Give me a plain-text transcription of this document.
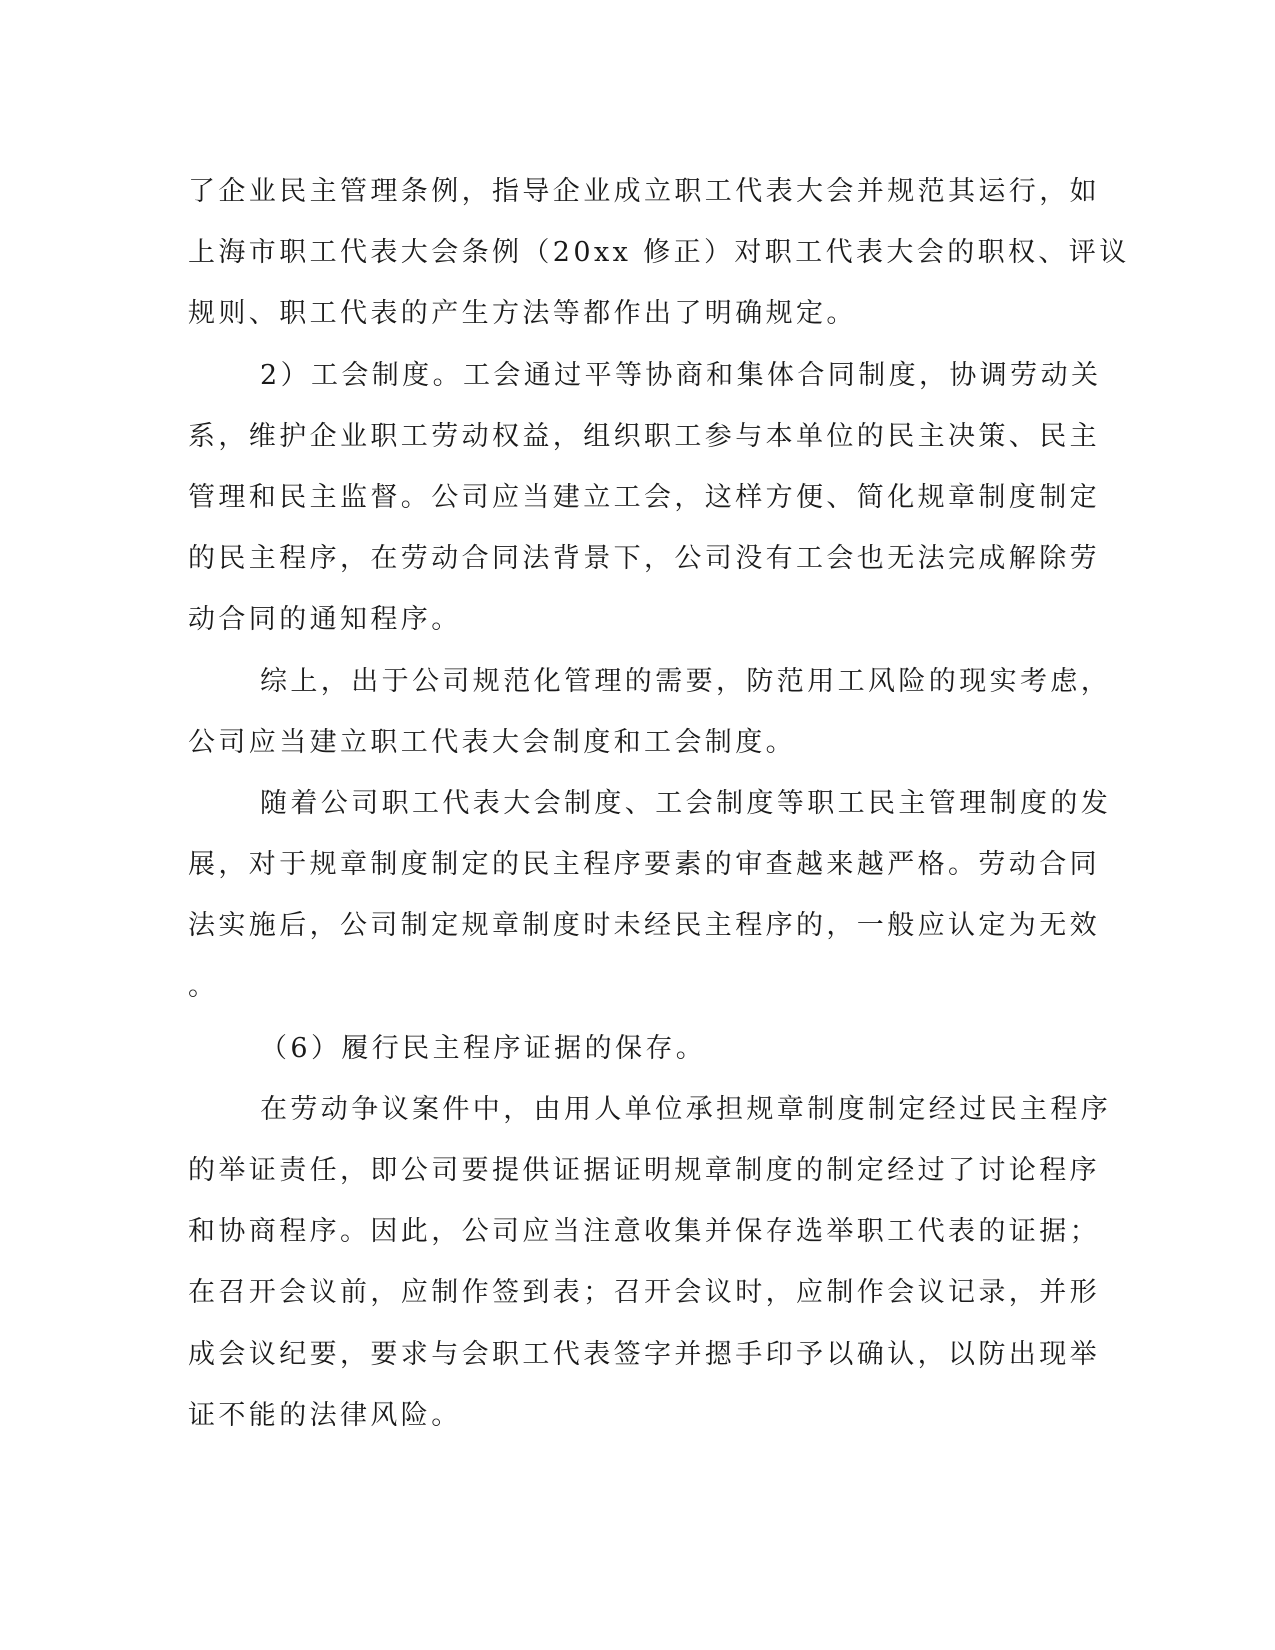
了企业民主管理条例，指导企业成立职工代表大会并规范其运行，如
上海市职工代表大会条例（20xx 修正）对职工代表大会的职权、评议
规则、职工代表的产生方法等都作出了明确规定。
2）工会制度。工会通过平等协商和集体合同制度，协调劳动关
系，维护企业职工劳动权益，组织职工参与本单位的民主决策、民主
管理和民主监督。公司应当建立工会，这样方便、简化规章制度制定
的民主程序，在劳动合同法背景下，公司没有工会也无法完成解除劳
动合同的通知程序。
综上，出于公司规范化管理的需要，防范用工风险的现实考虑，
公司应当建立职工代表大会制度和工会制度。
随着公司职工代表大会制度、工会制度等职工民主管理制度的发
展，对于规章制度制定的民主程序要素的审查越来越严格。劳动合同
法实施后，公司制定规章制度时未经民主程序的，一般应认定为无效
。
（6）履行民主程序证据的保存。
在劳动争议案件中，由用人单位承担规章制度制定经过民主程序
的举证责任，即公司要提供证据证明规章制度的制定经过了讨论程序
和协商程序。因此，公司应当注意收集并保存选举职工代表的证据；
在召开会议前，应制作签到表；召开会议时，应制作会议记录，并形
成会议纪要，要求与会职工代表签字并摁手印予以确认，以防出现举
证不能的法律风险。
